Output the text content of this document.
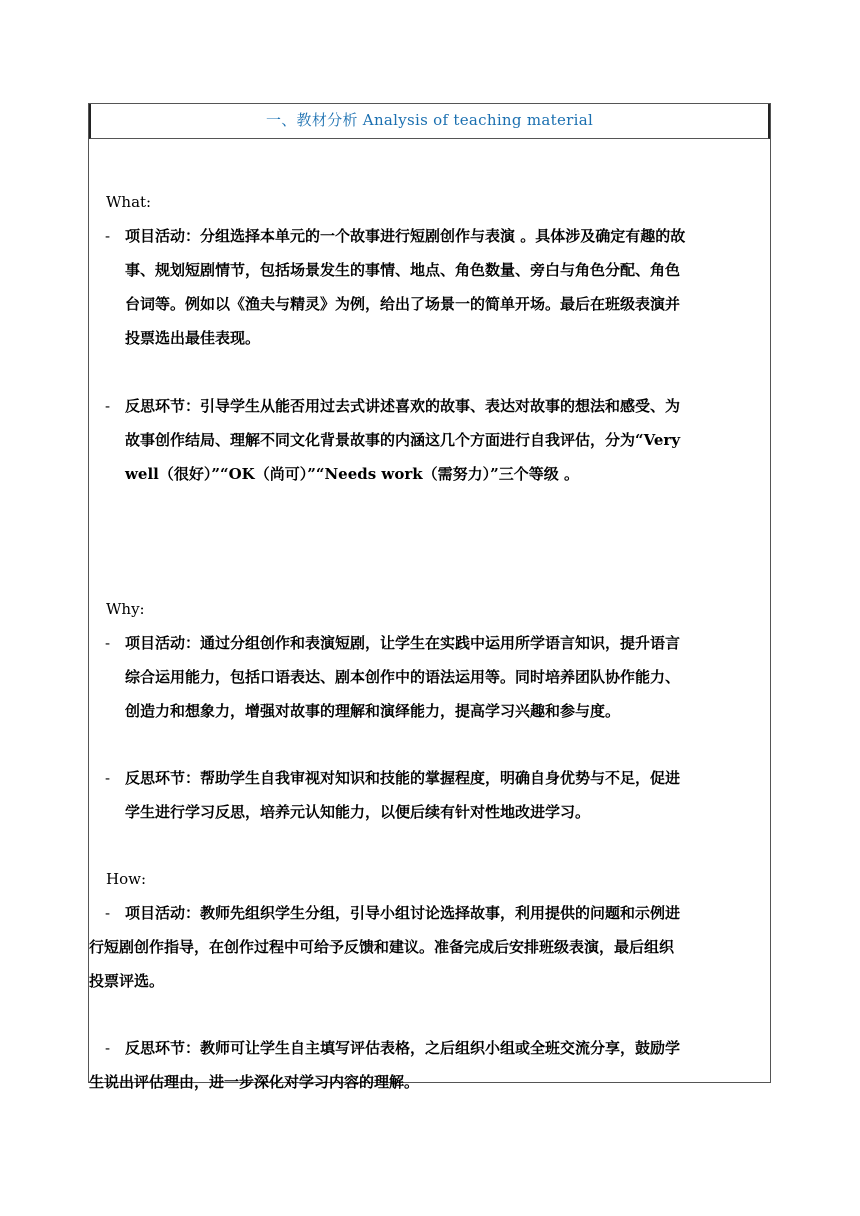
一、教材分析 Analysis of teaching material
What:
- 项目活动：分组选择本单元的一个故事进行短剧创作与表演 。具体涉及确定有趣的故
事、规划短剧情节，包括场景发生的事情、地点、角色数量、旁白与角色分配、角色
台词等。例如以《渔夫与精灵》为例，给出了场景一的简单开场。最后在班级表演并
投票选出最佳表现。
- 反思环节：引导学生从能否用过去式讲述喜欢的故事、表达对故事的想法和感受、为
故事创作结局、理解不同文化背景故事的内涵这几个方面进行自我评估，分为“Very
well（很好）”“OK（尚可）”“Needs work（需努力）”三个等级 。
Why:
- 项目活动：通过分组创作和表演短剧，让学生在实践中运用所学语言知识，提升语言
综合运用能力，包括口语表达、剧本创作中的语法运用等。同时培养团队协作能力、
创造力和想象力，增强对故事的理解和演绎能力，提高学习兴趣和参与度。
- 反思环节：帮助学生自我审视对知识和技能的掌握程度，明确自身优势与不足，促进
学生进行学习反思，培养元认知能力，以便后续有针对性地改进学习。
How:
- 项目活动：教师先组织学生分组，引导小组讨论选择故事，利用提供的问题和示例进
行短剧创作指导，在创作过程中可给予反馈和建议。准备完成后安排班级表演，最后组织
投票评选。
- 反思环节：教师可让学生自主填写评估表格，之后组织小组或全班交流分享，鼓励学
生说出评估理由，进一步深化对学习内容的理解。
